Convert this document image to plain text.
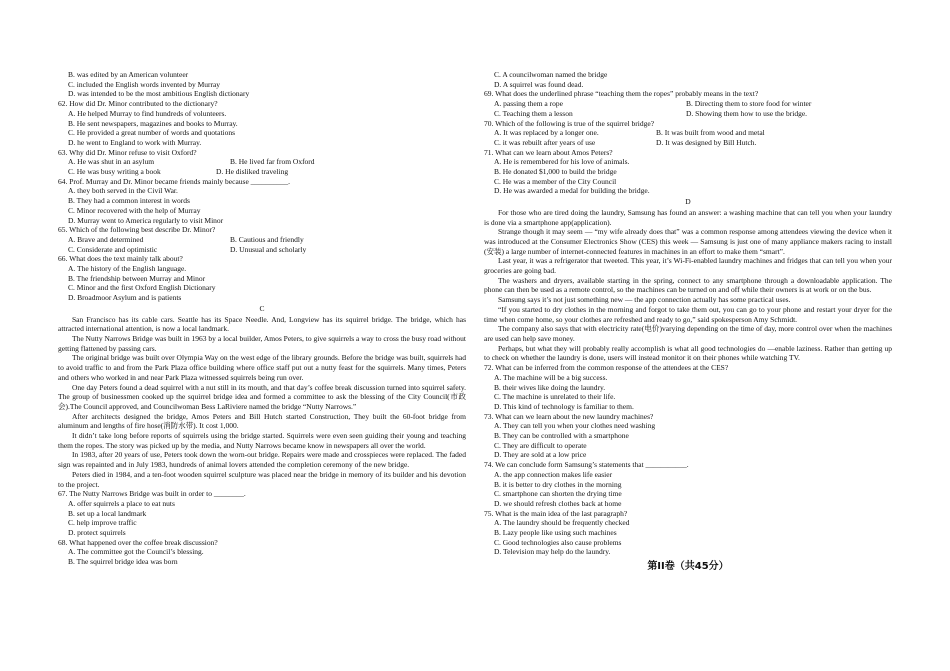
B. was edited by an American volunteer
C. included the English words invented by Murray
D. was intended to be the most ambitious English dictionary
62. How did Dr. Minor contributed to the dictionary?
A. He helped Murray to find hundreds of volunteers.
B. He sent newspapers, magazines and books to Murray.
C. He provided a great number of words and quotations
D. he went to England to work with Murray.
63. Why did Dr. Minor refuse to visit Oxford?
A. He was shut in an asylum	B. He lived far from Oxford
C. He was busy writing a book	D. He disliked traveling
64. Prof. Murray and Dr. Minor became friends mainly because __________.
A. they both served in the Civil War.
B. They had a common interest in words
C. Minor recovered with the help of Murray
D. Murray went to America regularly to visit Minor
65. Which of the following best describe Dr. Minor?
A. Brave and determined	B. Cautious and friendly
C. Considerate and optimistic	D. Unusual and scholarly
66. What does the text mainly talk about?
A. The history of the English language.
B. The friendship between Murray and Minor
C. Minor and the first Oxford English Dictionary
D. Broadmoor Asylum and is patients
C

San Francisco has its cable cars. Seattle has its Space Needle. And, Longview has its squirrel bridge. The bridge, which has attracted international attention, is now a local landmark.

The Nutty Narrows Bridge was built in 1963 by a local builder, Amos Peters, to give squirrels a way to cross the busy road without getting flattened by passing cars.

The original bridge was built over Olympia Way on the west edge of the library grounds. Before the bridge was built, squirrels had to avoid traffic to and from the Park Plaza office building where office staff put out a nutty feast for the squirrels. Many times, Peters and others who worked in and near Park Plaza witnessed squirrels being run over.

One day Peters found a dead squirrel with a nut still in its mouth, and that day’s coffee break discussion turned into squirrel safety. The group of businessmen cooked up the squirrel bridge idea and formed a committee to ask the blessing of the City Council(市政会).The Council approved, and Councilwoman Bess LaRiviere named the bridge “Nutty Narrows.”

After architects designed the bridge, Amos Peters and Bill Hutch started Construction, They built the 60-foot bridge from aluminum and lengths of fire hose(消防水带). It cost 1,000.

It didn’t take long before reports of squirrels using the bridge started. Squirrels were even seen guiding their young and teaching them the ropes. The story was picked up by the media, and Nutty Narrows became know in newspapers all over the world.

In 1983, after 20 years of use, Peters took down the worn-out bridge. Repairs were made and crosspieces were replaced. The faded sign was repainted and in July 1983, hundreds of animal lovers attended the completion ceremony of the new bridge.

Peters died in 1984, and a ten-foot wooden squirrel sculpture was placed near the bridge in memory of its builder and his devotion to the project.

67. The Nutty Narrows Bridge was built in order to ________.
A. offer squirrels a place to eat nuts
B. set up a local landmark
C. help improve traffic
D. protect squirrels
68. What happened over the coffee break discussion?
A. The committee got the Council’s blessing.
B. The squirrel bridge idea was born
C. A councilwoman named the bridge
D. A squirrel was found dead.
69. What does the underlined phrase “teaching them the ropes” probably means in the text?
A. passing them a rope	B. Directing them to store food for winter
C. Teaching them a lesson	D. Showing them how to use the bridge.
70. Which of the following is true of the squirrel bridge?
A. It was replaced by a longer one.	B. It was built from wood and metal
C. it was rebuilt after years of use	D. It was designed by Bill Hutch.
71. What can we learn about Amos Peters?
A. He is remembered for his love of animals.
B. He donated $1,000 to build the bridge
C. He was a member of the City Council
D. He was awarded a medal for building the bridge.
D

For those who are tired doing the laundry, Samsung has found an answer: a washing machine that can tell you when your laundry is done via a smartphone app(application).

Strange though it may seem — “my wife already does that” was a common response among attendees viewing the device when it was introduced at the Consumer Electronics Show (CES) this week — Samsung is just one of many appliance makers racing to install (安装) a large number of internet-connected features in machines in an effort to make them “smart”.

Last year, it was a refrigerator that tweeted. This year, it’s Wi-Fi-enabled laundry machines and fridges that can tell you when your groceries are going bad.

The washers and dryers, available starting in the spring, connect to any smartphone through a downloadable application. The phone can then be used as a remote control, so the machines can be turned on and off while their owners is at work or on the bus.

Samsung says it’s not just something new — the app connection actually has some practical uses.

“If you started to dry clothes in the morning and forgot to take them out, you can go to your phone and restart your dryer for the time when come home, so your clothes are refreshed and ready to go,” said spokesperson Amy Schmidt.

The company also says that with electricity rate(电价)varying depending on the time of day, more control over when the machines are used can help save money.

Perhaps, but what they will probably really accomplish is what all good technologies do —enable laziness. Rather than getting up to check on whether the laundry is done, users will instead monitor it on their phones while watching TV.

72. What can be inferred from the common response of the attendees at the CES?
A. The machine will be a big success.
B. their wives like doing the laundry.
C. The machine is unrelated to their life.
D. This kind of technology is familiar to them.
73. What can we learn about the new laundry machines?
A. They can tell you when your clothes need washing
B. They can be controlled with a smartphone
C. They are difficult to operate
D. They are sold at a low price
74. We can conclude form Samsung’s statements that ___________.
A. the app connection makes life easier
B. it is better to dry clothes in the morning
C. smartphone can shorten the drying time
D. we should refresh clothes back at home
75. What is the main idea of the last paragraph?
A. The laundry should be frequently checked
B. Lazy people like using such machines
C. Good technologies also cause problems
D. Television may help do the laundry.
第II卷（共45分）
